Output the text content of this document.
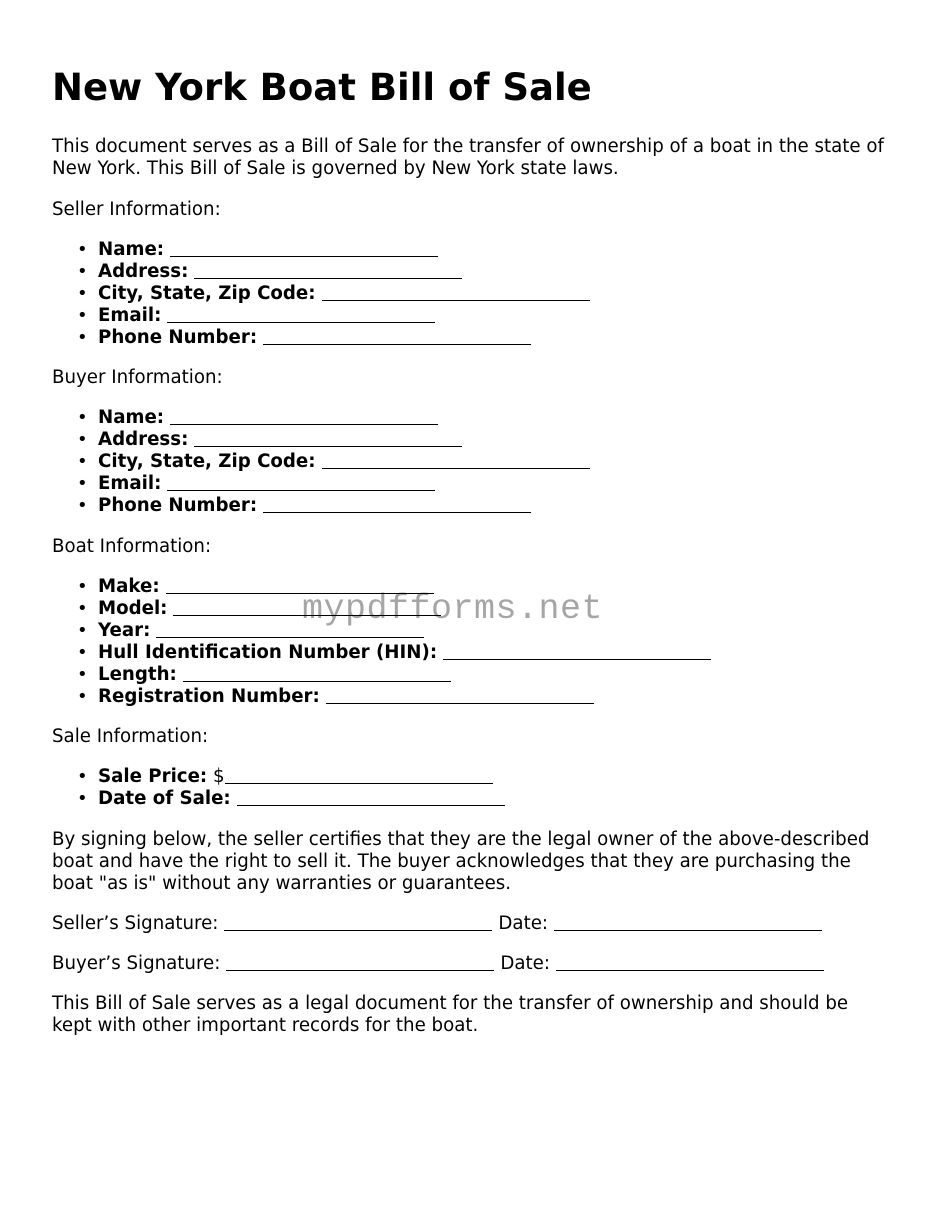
New York Boat Bill of Sale

This document serves as a Bill of Sale for the transfer of ownership of a boat in the state of New York. This Bill of Sale is governed by New York state laws.

Seller Information:

• Name:
• Address:
• City, State, Zip Code:
• Email:
• Phone Number:

Buyer Information:

• Name:
• Address:
• City, State, Zip Code:
• Email:
• Phone Number:

Boat Information:

• Make:
• Model:
• Year:
• Hull Identification Number (HIN):
• Length:
• Registration Number:

Sale Information:

• Sale Price: $
• Date of Sale:

By signing below, the seller certifies that they are the legal owner of the above-described boat and have the right to sell it. The buyer acknowledges that they are purchasing the boat "as is" without any warranties or guarantees.

Seller’s Signature:	Date:
Buyer’s Signature:	Date:

This Bill of Sale serves as a legal document for the transfer of ownership and should be kept with other important records for the boat.

mypdfforms.net
